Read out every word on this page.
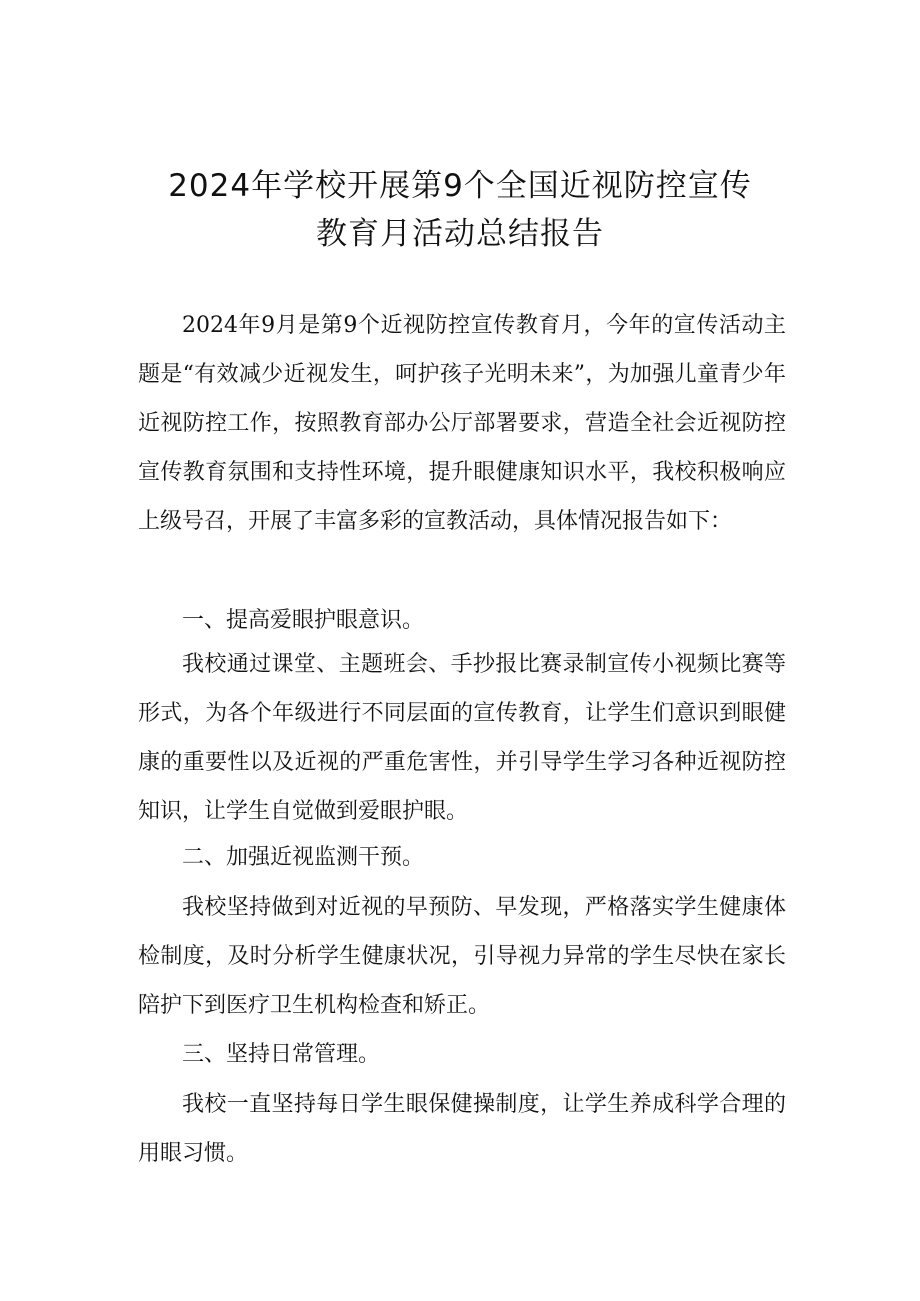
2024年学校开展第9个全国近视防控宣传
教育月活动总结报告

2024年9月是第9个近视防控宣传教育月，今年的宣传活动主题是“有效减少近视发生，呵护孩子光明未来”，为加强儿童青少年近视防控工作，按照教育部办公厅部署要求，营造全社会近视防控宣传教育氛围和支持性环境，提升眼健康知识水平，我校积极响应上级号召，开展了丰富多彩的宣教活动，具体情况报告如下：

一、提高爱眼护眼意识。

我校通过课堂、主题班会、手抄报比赛录制宣传小视频比赛等形式，为各个年级进行不同层面的宣传教育，让学生们意识到眼健康的重要性以及近视的严重危害性，并引导学生学习各种近视防控知识，让学生自觉做到爱眼护眼。

二、加强近视监测干预。

我校坚持做到对近视的早预防、早发现，严格落实学生健康体检制度，及时分析学生健康状况，引导视力异常的学生尽快在家长陪护下到医疗卫生机构检查和矫正。

三、坚持日常管理。

我校一直坚持每日学生眼保健操制度，让学生养成科学合理的用眼习惯。
